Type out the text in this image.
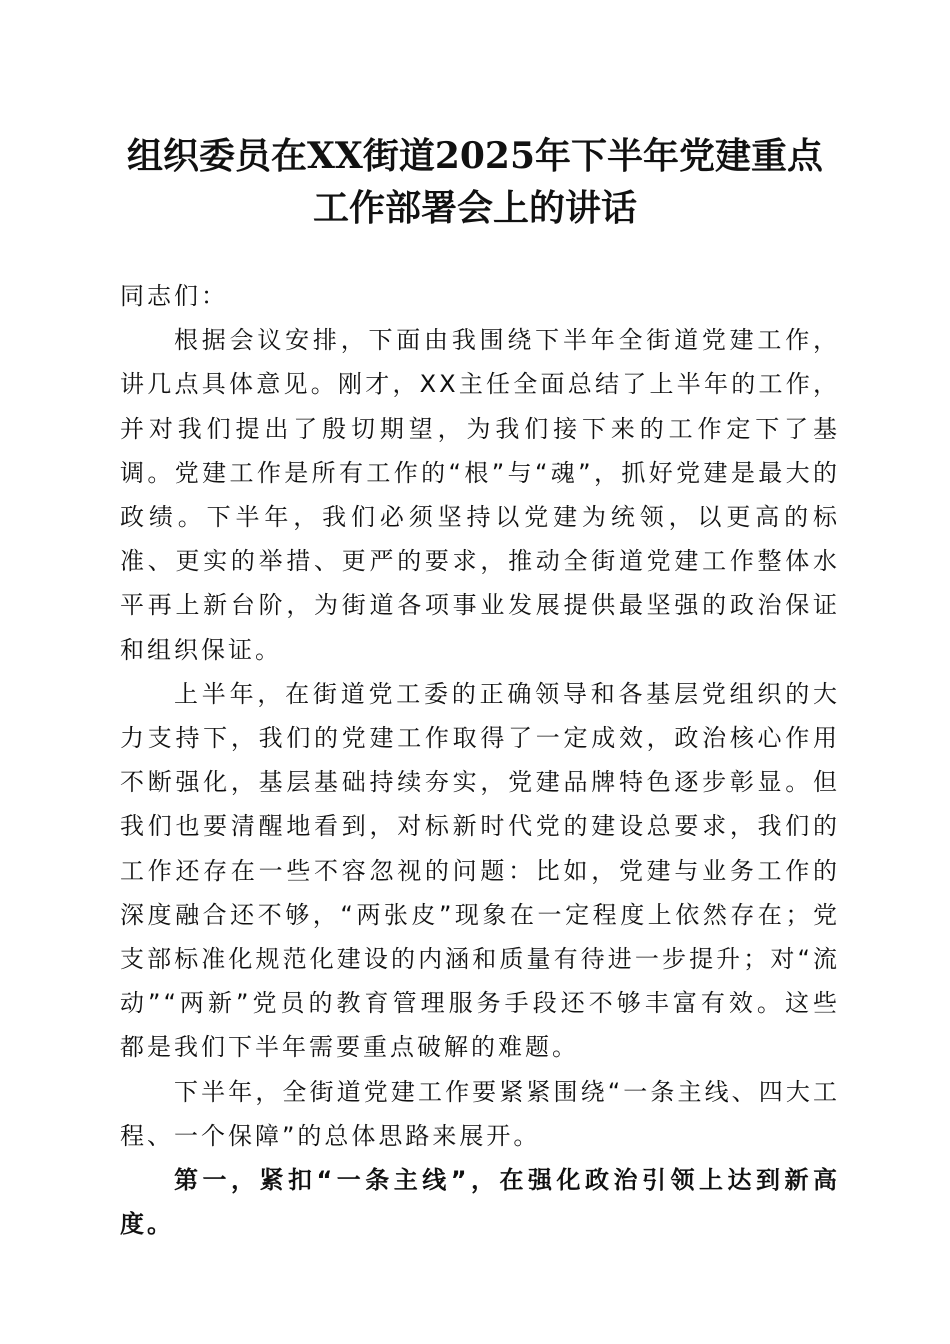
组织委员在XX街道2025年下半年党建重点
工作部署会上的讲话

同志们：

根据会议安排，下面由我围绕下半年全街道党建工作，讲几点具体意见。刚才，XX主任全面总结了上半年的工作，并对我们提出了殷切期望，为我们接下来的工作定下了基调。党建工作是所有工作的“根”与“魂”，抓好党建是最大的政绩。下半年，我们必须坚持以党建为统领，以更高的标准、更实的举措、更严的要求，推动全街道党建工作整体水平再上新台阶，为街道各项事业发展提供最坚强的政治保证和组织保证。

上半年，在街道党工委的正确领导和各基层党组织的大力支持下，我们的党建工作取得了一定成效，政治核心作用不断强化，基层基础持续夯实，党建品牌特色逐步彰显。但我们也要清醒地看到，对标新时代党的建设总要求，我们的工作还存在一些不容忽视的问题：比如，党建与业务工作的深度融合还不够，“两张皮”现象在一定程度上依然存在；党支部标准化规范化建设的内涵和质量有待进一步提升；对“流动”“两新”党员的教育管理服务手段还不够丰富有效。这些都是我们下半年需要重点破解的难题。

下半年，全街道党建工作要紧紧围绕“一条主线、四大工程、一个保障”的总体思路来展开。

第一，紧扣“一条主线”，在强化政治引领上达到新高度。
